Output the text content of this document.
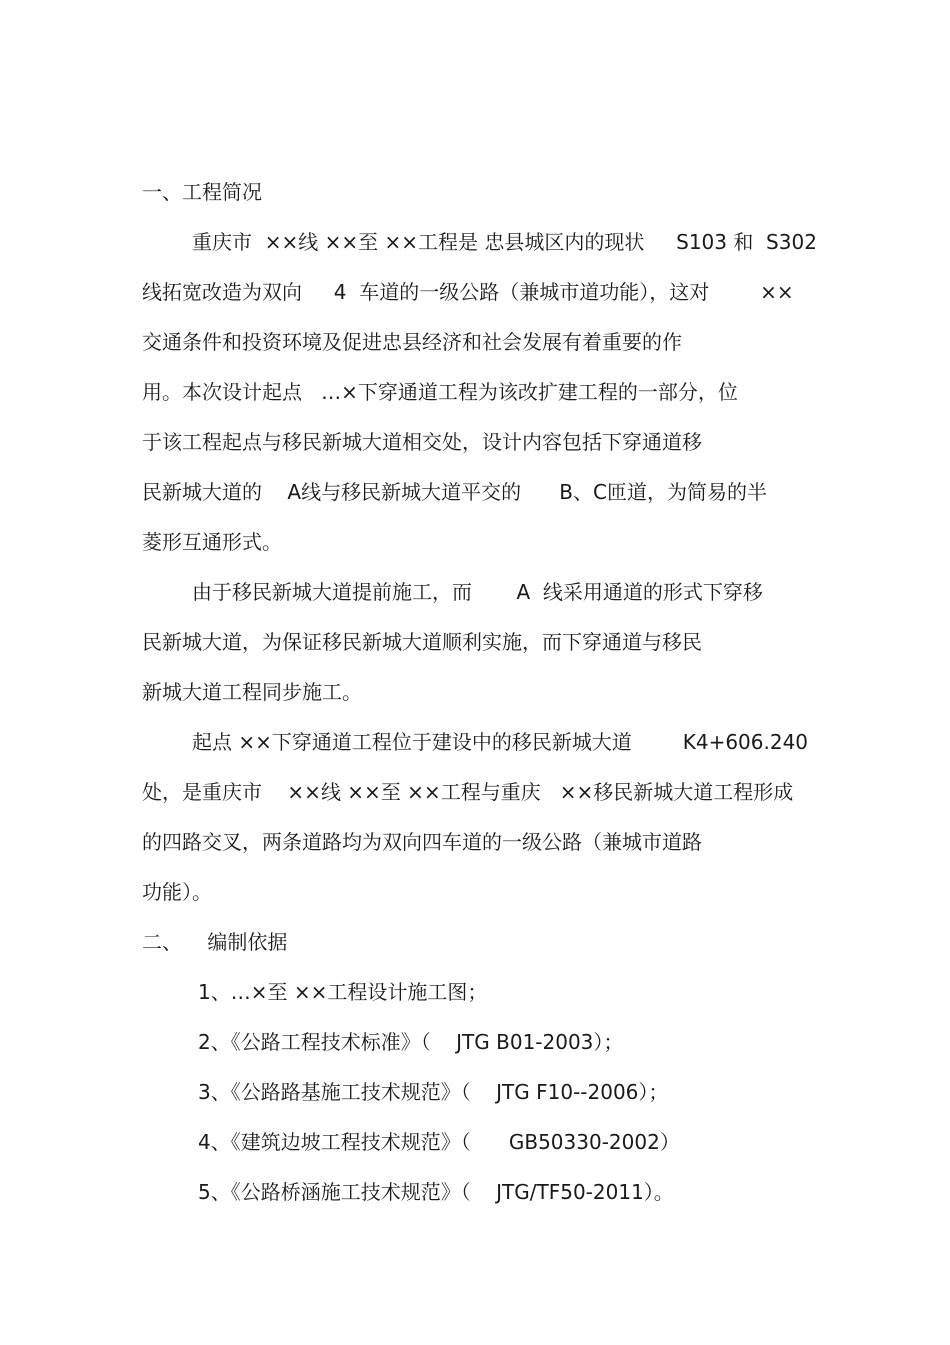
一、工程简况
重庆市  ××线 ××至 ××工程是 忠县城区内的现状     S103 和  S302
线拓宽改造为双向     4  车道的一级公路（兼城市道功能），这对        ××
交通条件和投资环境及促进忠县经济和社会发展有着重要的作
用。本次设计起点   …×下穿通道工程为该改扩建工程的一部分，位
于该工程起点与移民新城大道相交处，设计内容包括下穿通道移
民新城大道的    A线与移民新城大道平交的      B、C匝道，为简易的半
菱形互通形式。
由于移民新城大道提前施工，而       A  线采用通道的形式下穿移
民新城大道，为保证移民新城大道顺利实施，而下穿通道与移民
新城大道工程同步施工。
起点 ××下穿通道工程位于建设中的移民新城大道        K4+606.240
处，是重庆市    ××线 ××至 ××工程与重庆   ××移民新城大道工程形成
的四路交叉，两条道路均为双向四车道的一级公路（兼城市道路
功能）。
二、    编制依据
1、…×至 ××工程设计施工图；
2、《公路工程技术标准》（    JTG B01-2003）；
3、《公路路基施工技术规范》（    JTG F10--2006）；
4、《建筑边坡工程技术规范》（      GB50330-2002）
5、《公路桥涵施工技术规范》（    JTG/TF50-2011）。
